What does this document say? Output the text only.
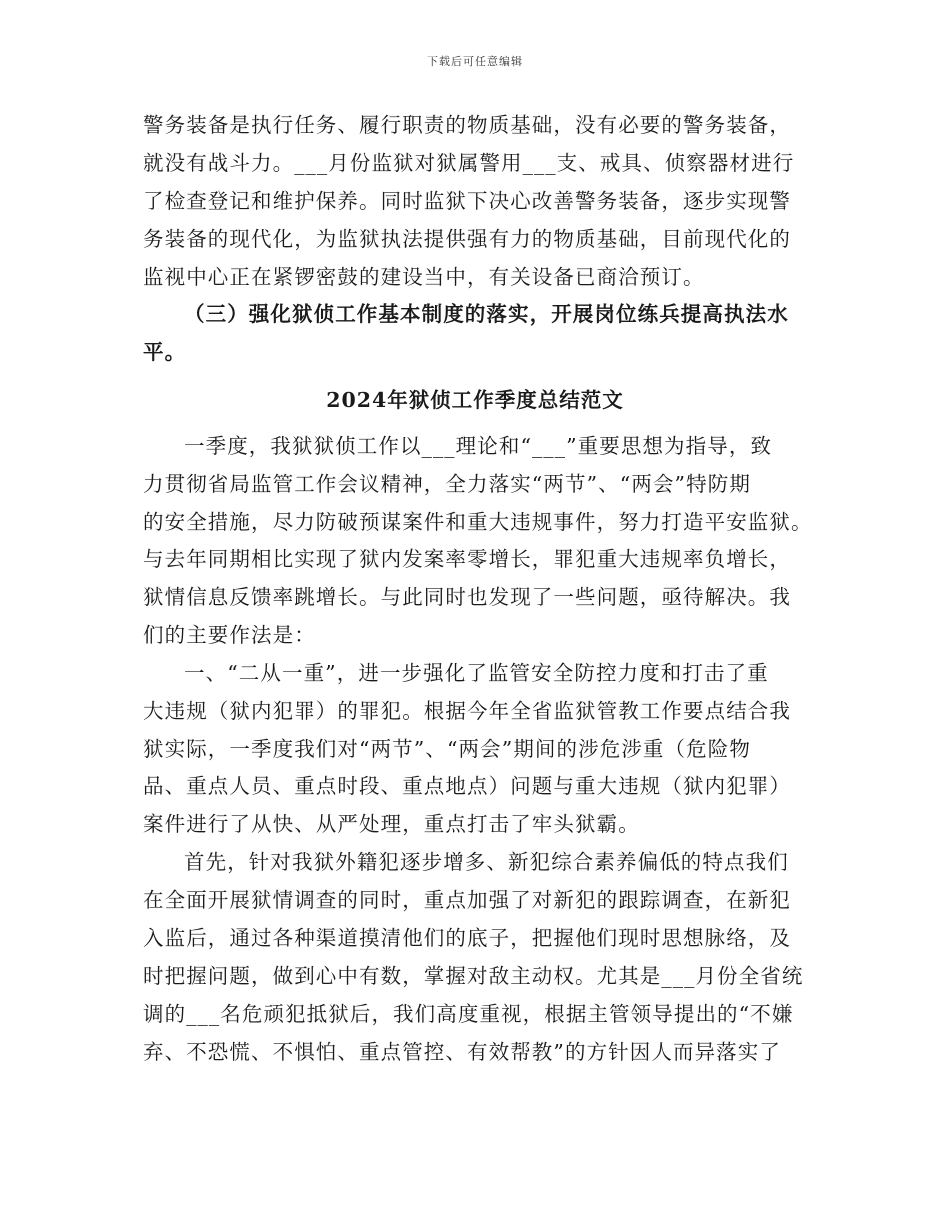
下载后可任意编辑
警务装备是执行任务、履行职责的物质基础，没有必要的警务装备，
就没有战斗力。___月份监狱对狱属警用___支、戒具、侦察器材进行
了检查登记和维护保养。同时监狱下决心改善警务装备，逐步实现警
务装备的现代化，为监狱执法提供强有力的物质基础，目前现代化的
监视中心正在紧锣密鼓的建设当中，有关设备已商洽预订。
（三）强化狱侦工作基本制度的落实，开展岗位练兵提高执法水
平。
2024年狱侦工作季度总结范文
一季度，我狱狱侦工作以___理论和“___”重要思想为指导，致
力贯彻省局监管工作会议精神，全力落实“两节”、“两会”特防期
的安全措施，尽力防破预谋案件和重大违规事件，努力打造平安监狱。
与去年同期相比实现了狱内发案率零增长，罪犯重大违规率负增长，
狱情信息反馈率跳增长。与此同时也发现了一些问题，亟待解决。我
们的主要作法是：
一、“二从一重”，进一步强化了监管安全防控力度和打击了重
大违规（狱内犯罪）的罪犯。根据今年全省监狱管教工作要点结合我
狱实际，一季度我们对“两节”、“两会”期间的涉危涉重（危险物
品、重点人员、重点时段、重点地点）问题与重大违规（狱内犯罪）
案件进行了从快、从严处理，重点打击了牢头狱霸。
首先，针对我狱外籍犯逐步增多、新犯综合素养偏低的特点我们
在全面开展狱情调查的同时，重点加强了对新犯的跟踪调查，在新犯
入监后，通过各种渠道摸清他们的底子，把握他们现时思想脉络，及
时把握问题，做到心中有数，掌握对敌主动权。尤其是___月份全省统
调的___名危顽犯抵狱后，我们高度重视，根据主管领导提出的“不嫌
弃、不恐慌、不惧怕、重点管控、有效帮教”的方针因人而异落实了
